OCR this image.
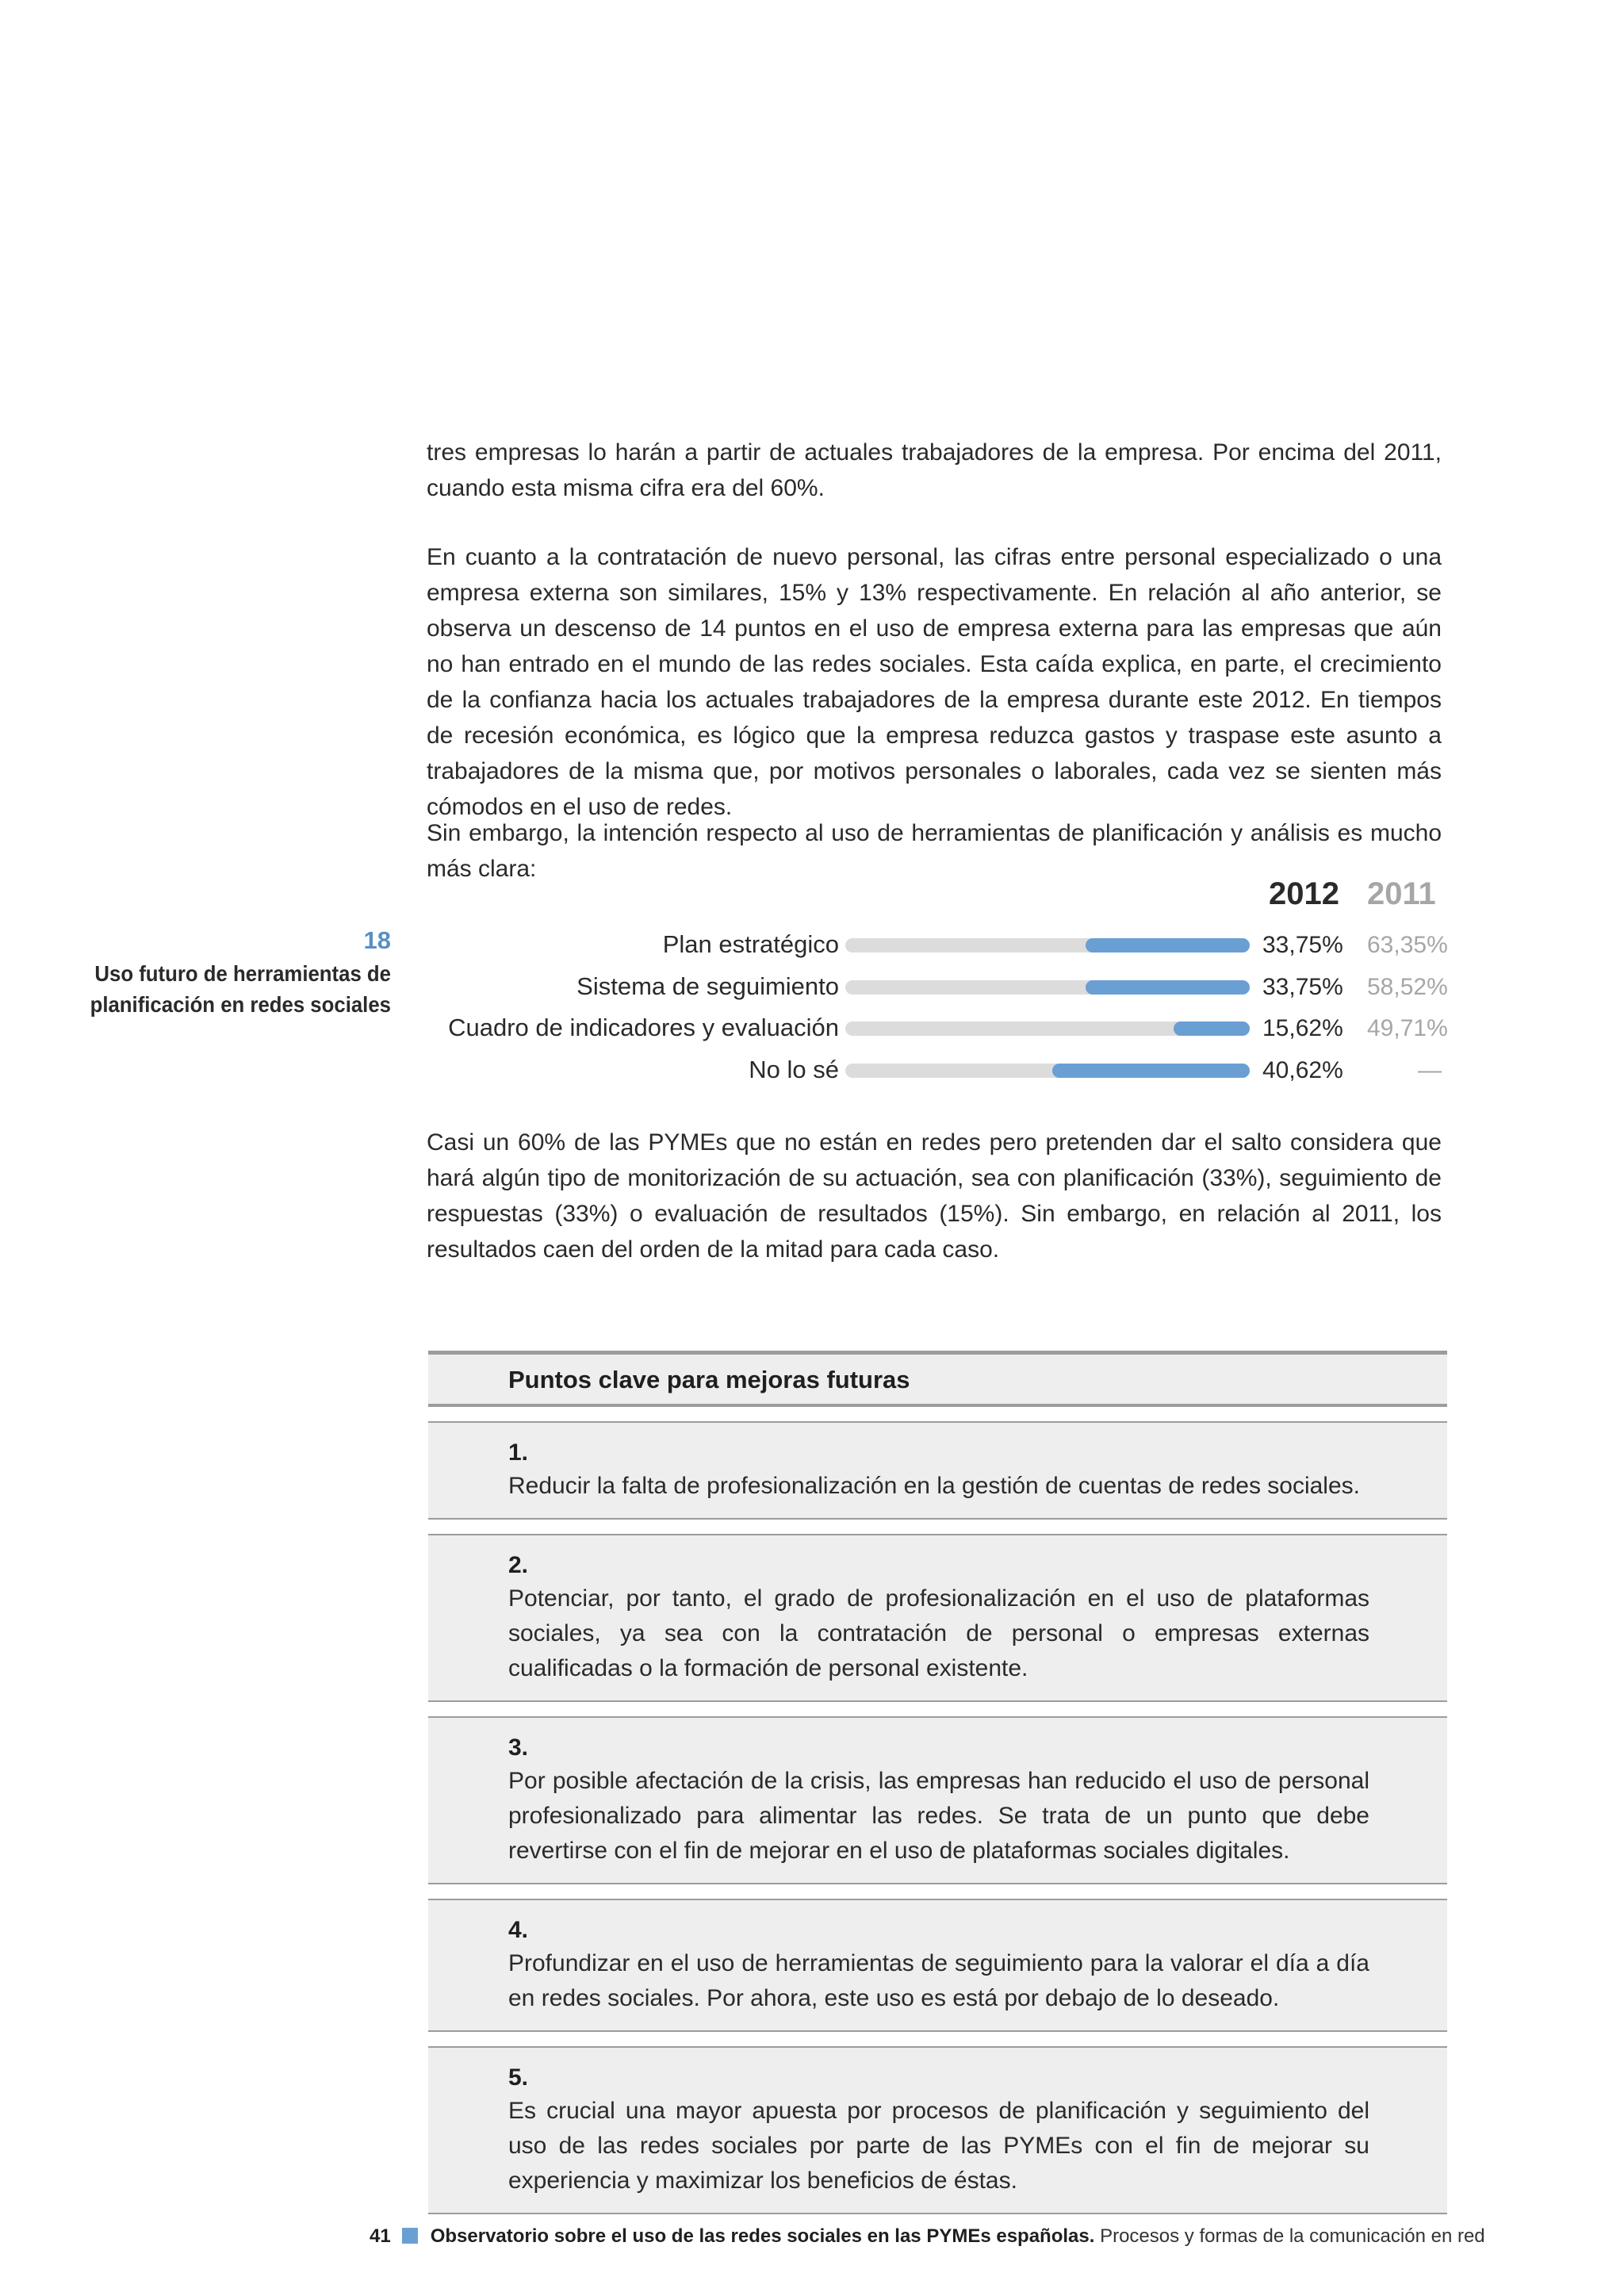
tres empresas lo harán a partir de actuales trabajadores de la empresa. Por encima del 2011, cuando esta misma cifra era del 60%.

En cuanto a la contratación de nuevo personal, las cifras entre personal especializado o una empresa externa son similares, 15% y 13% respectivamente. En relación al año anterior, se observa un descenso de 14 puntos en el uso de empresa externa para las empresas que aún no han entrado en el mundo de las redes sociales. Esta caída explica, en parte, el crecimiento de la confianza hacia los actuales trabajadores de la empresa durante este 2012. En tiempos de recesión económica, es lógico que la empresa reduzca gastos y traspase este asunto a trabajadores de la misma que, por motivos personales o laborales, cada vez se sienten más cómodos en el uso de redes.

Sin embargo, la intención respecto al uso de herramientas de planificación y análisis es mucho más clara:

18
Uso futuro de herramientas de planificación en redes sociales
2012 2011
Plan estratégico	33,75% 63,35%
Sistema de seguimiento	33,75% 58,52%
Cuadro de indicadores y evaluación	15,62% 49,71%
No lo sé	40,62%	—

Casi un 60% de las PYMEs que no están en redes pero pretenden dar el salto considera que hará algún tipo de monitorización de su actuación, sea con planificación (33%), seguimiento de respuestas (33%) o evaluación de resultados (15%). Sin embargo, en relación al 2011, los resultados caen del orden de la mitad para cada caso.

Puntos clave para mejoras futuras
1.
Reducir la falta de profesionalización en la gestión de cuentas de redes sociales.
2.
Potenciar, por tanto, el grado de profesionalización en el uso de plataformas sociales, ya sea con la contratación de personal o empresas externas cualificadas o la formación de personal existente.
3.
Por posible afectación de la crisis, las empresas han reducido el uso de personal profesionalizado para alimentar las redes. Se trata de un punto que debe revertirse con el fin de mejorar en el uso de plataformas sociales digitales.
4.
Profundizar en el uso de herramientas de seguimiento para la valorar el día a día en redes sociales. Por ahora, este uso es está por debajo de lo deseado.
5.
Es crucial una mayor apuesta por procesos de planificación y seguimiento del uso de las redes sociales por parte de las PYMEs con el fin de mejorar su experiencia y maximizar los beneficios de éstas.
41 Observatorio sobre el uso de las redes sociales en las PYMEs españolas. Procesos y formas de la comunicación en red
